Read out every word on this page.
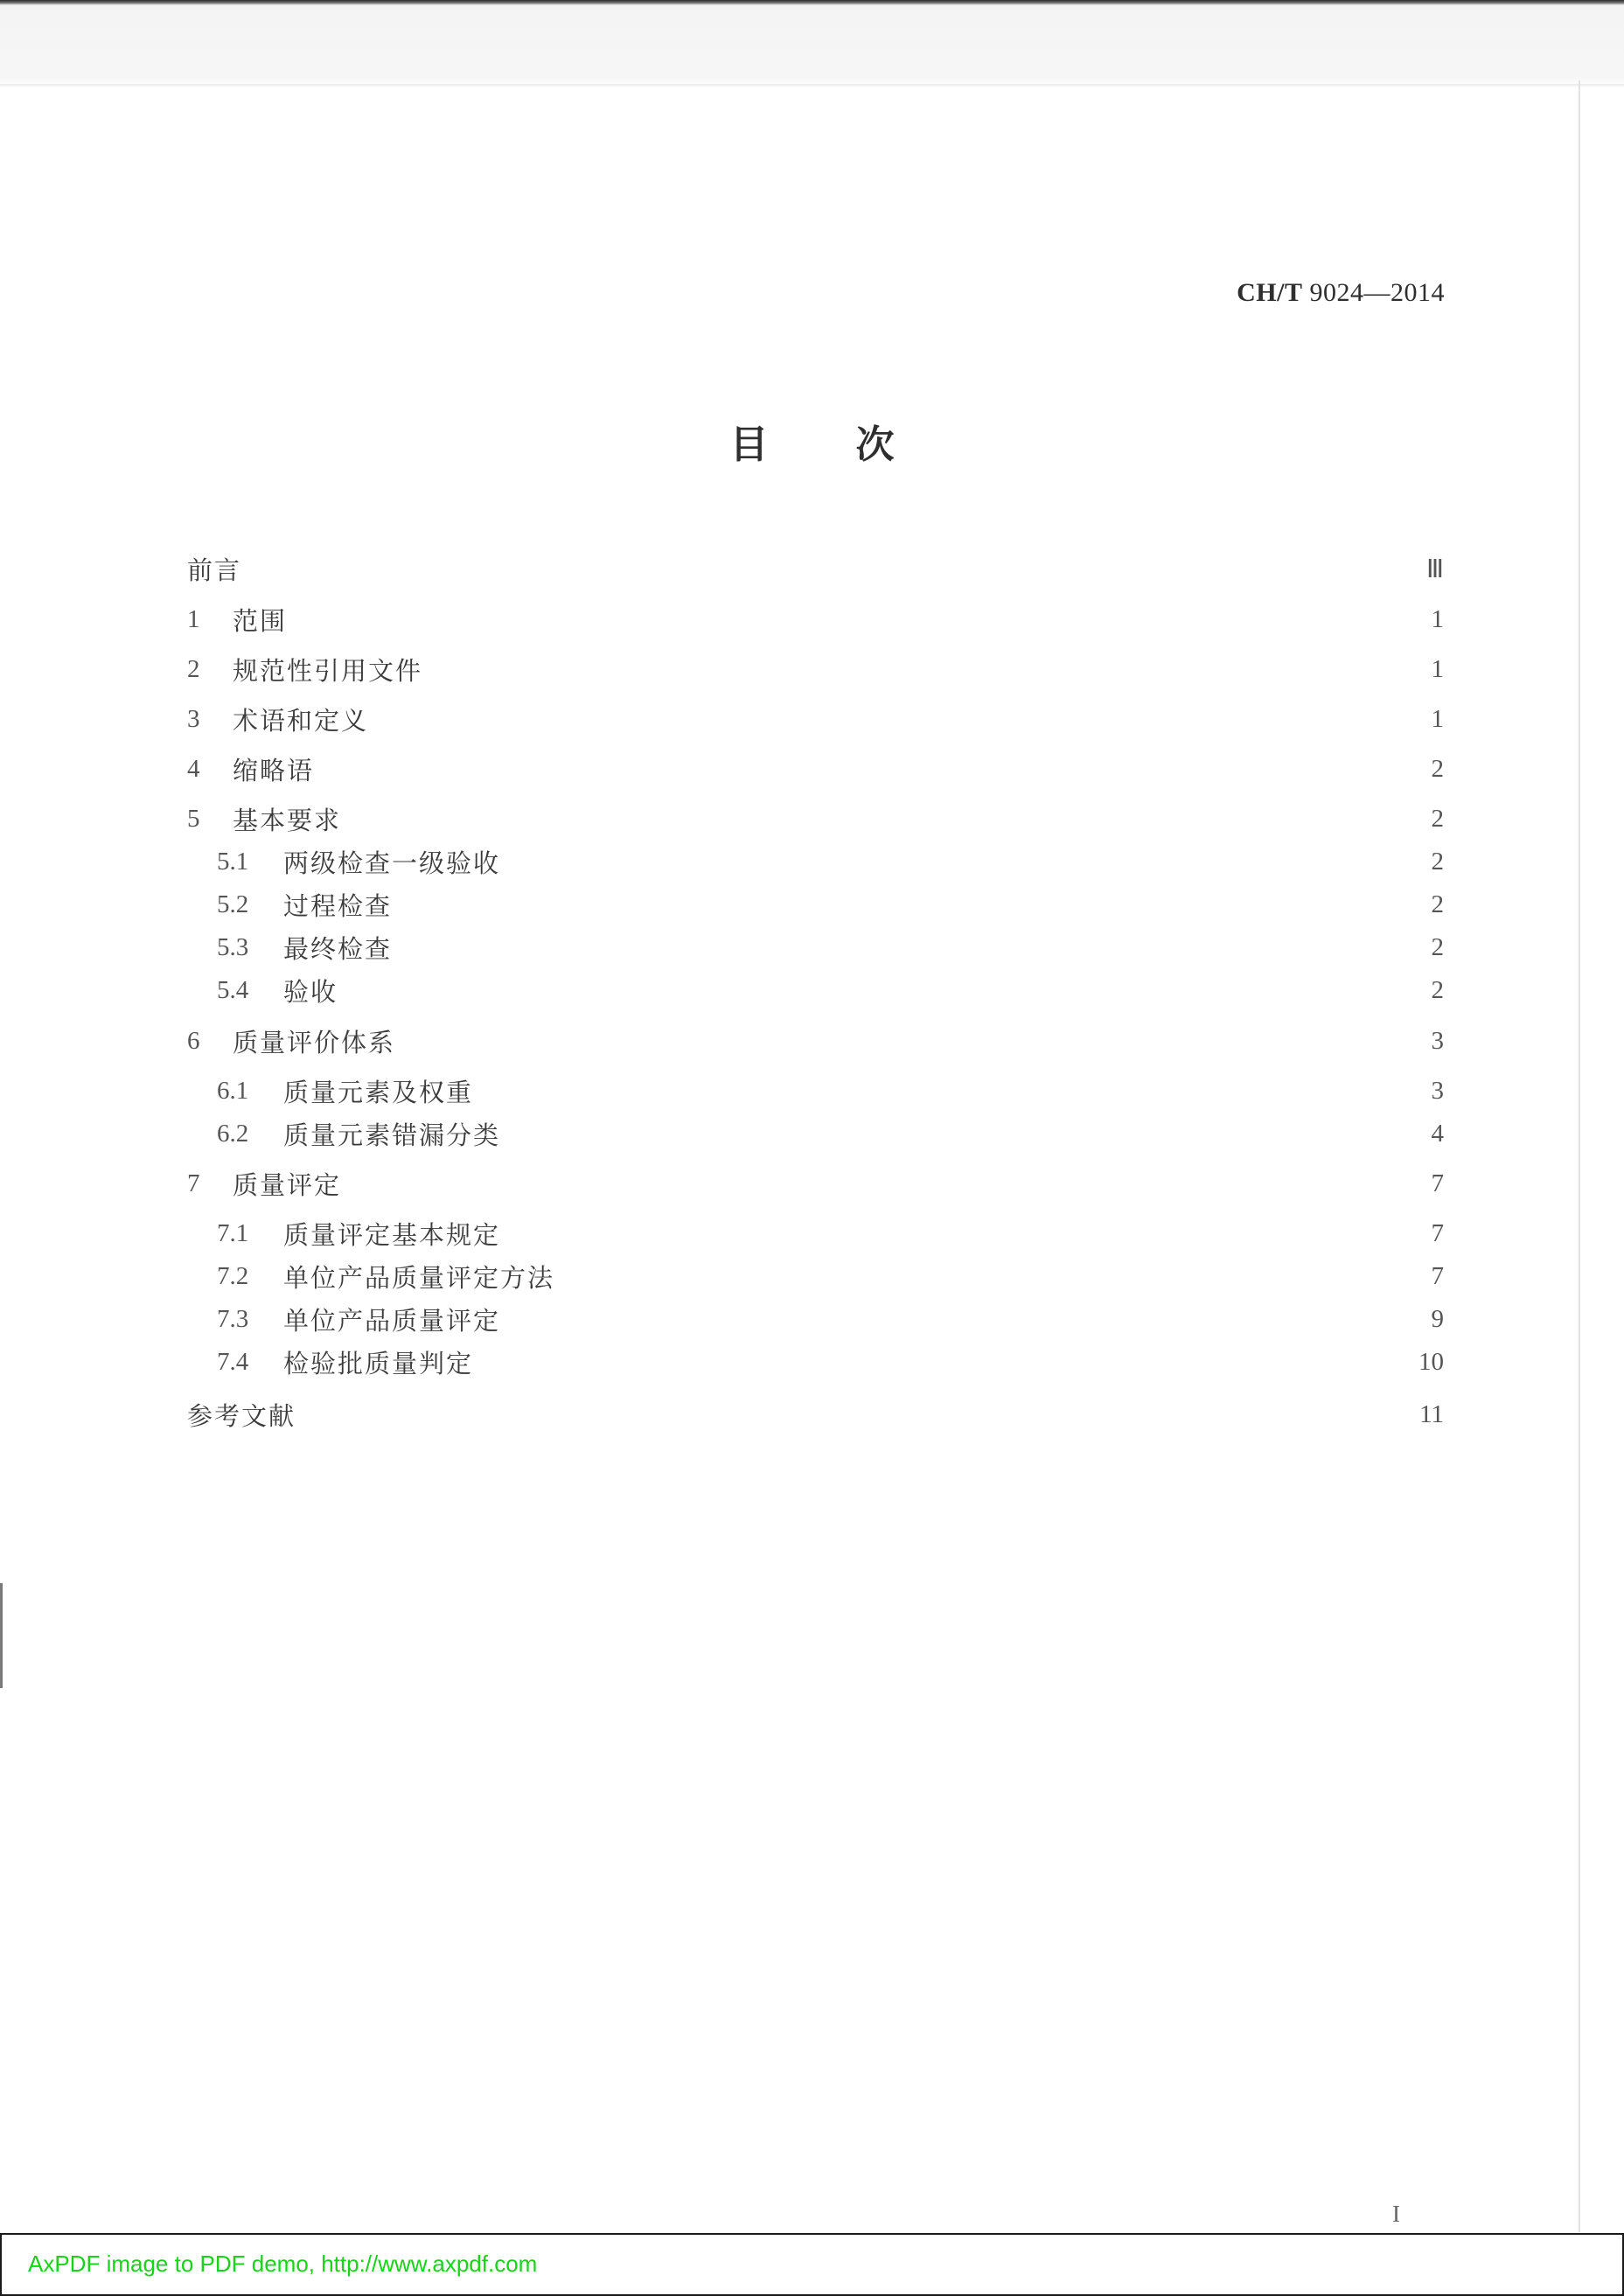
CH/T 9024—2014
目 次
前言	Ⅲ
1	范围	1
2	规范性引用文件	1
3	术语和定义	1
4	缩略语	2
5	基本要求	2
5.1	两级检查一级验收	2
5.2	过程检查	2
5.3	最终检查	2
5.4	验收	2
6	质量评价体系	3
6.1	质量元素及权重	3
6.2	质量元素错漏分类	4
7	质量评定	7
7.1	质量评定基本规定	7
7.2	单位产品质量评定方法	7
7.3	单位产品质量评定	9
7.4	检验批质量判定	10
参考文献	11
I
AxPDF image to PDF demo, http://www.axpdf.com
